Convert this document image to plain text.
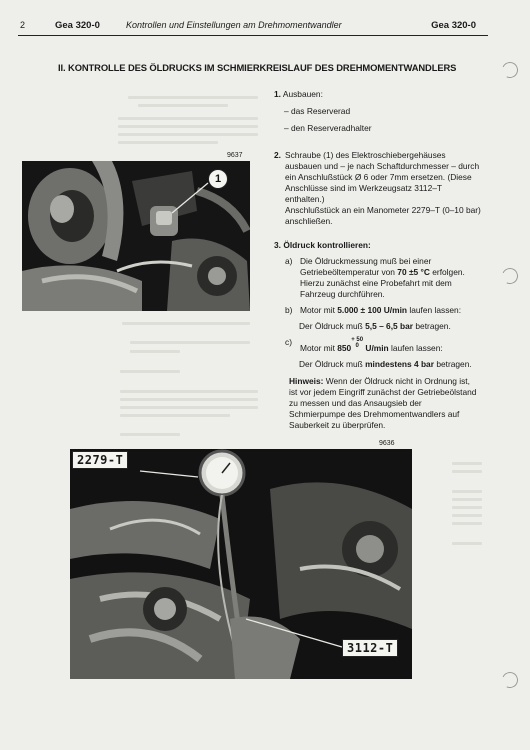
2	Gea 320-0	Kontrollen und Einstellungen am Drehmomentwandler	Gea 320-0
II. KONTROLLE DES ÖLDRUCKS IM SCHMIERKREISLAUF DES DREHMOMENTWANDLERS
1. Ausbauen:
– das Reserverad
– den Reserveradhalter
2. Schraube (1) des Elektroschiebergehäuses ausbauen und – je nach Schaftdurchmesser – durch ein Anschlußstück Ø 6 oder 7mm ersetzen. (Diese Anschlüsse sind im Werkzeugsatz 3112–T enthalten.)
Anschlußstück an ein Manometer 2279–T (0–10 bar) anschließen.
3. Öldruck kontrollieren:
a) Die Öldruckmessung muß bei einer Getriebeöltemperatur von 70 ±5 °C erfolgen. Hierzu zunächst eine Probefahrt mit dem Fahrzeug durchführen.
b) Motor mit 5.000 ± 100 U/min laufen lassen:
Der Öldruck muß 5,5 – 6,5 bar betragen.
c)
Motor mit $850^{+ 50 0}$ U/min laufen lassen:
Der Öldruck muß mindestens 4 bar betragen.
Hinweis: Wenn der Öldruck nicht in Ordnung ist, ist vor jedem Eingriff zunächst der Getriebeölstand zu messen und das Ansaugsieb der Schmierpumpe des Drehmomentwandlers auf Sauberkeit zu überprüfen.
9637
1
9636
2279-T
3112-T
